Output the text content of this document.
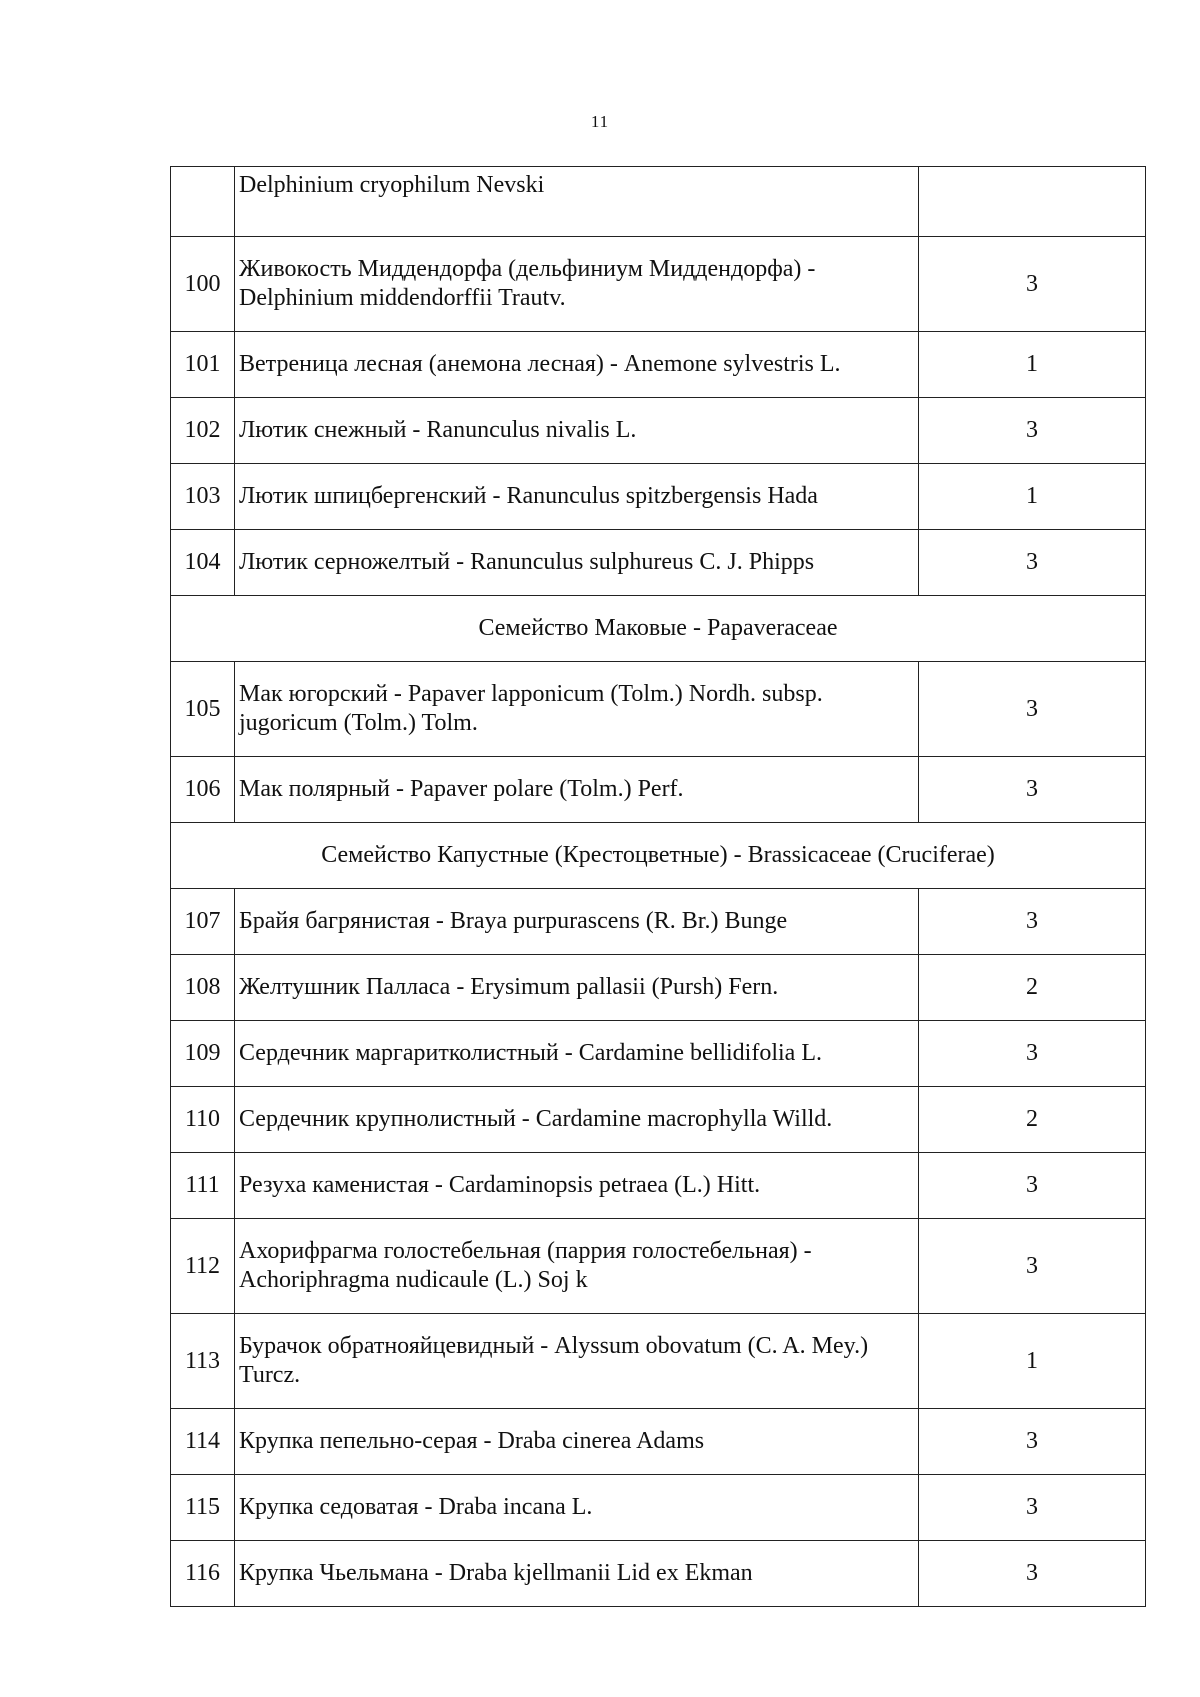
11
	Delphinium cryophilum Nevski	
100	Живокость Миддендорфа (дельфиниум Миддендорфа) - Delphinium middendorffii Trautv.	3
101	Ветреница лесная (анемона лесная) - Anemone sylvestris L.	1
102	Лютик снежный - Ranunculus nivalis L.	3
103	Лютик шпицбергенский - Ranunculus spitzbergensis Hada	1
104	Лютик серножелтый - Ranunculus sulphureus C. J. Phipps	3
Семейство Маковые - Papaveraceae		
105	Мак югорский - Papaver lapponicum (Tolm.) Nordh. subsp. jugoricum (Tolm.) Tolm.	3
106	Мак полярный - Papaver polare (Tolm.) Perf.	3
Семейство Капустные (Крестоцветные) - Brassicaceae (Cruciferae)		
107	Брайя багрянистая - Braya purpurascens (R. Br.) Bunge	3
108	Желтушник Палласа - Erysimum pallasii (Pursh) Fern.	2
109	Сердечник маргаритколистный - Cardamine bellidifolia L.	3
110	Сердечник крупнолистный - Cardamine macrophylla Willd.	2
111	Резуха каменистая - Cardaminopsis petraea (L.) Hitt.	3
112	Ахорифрагма голостебельная (паррия голостебельная) - Achoriphragma nudicaule (L.) Soj k	3
113	Бурачок обратнояйцевидный - Alyssum obovatum (C. A. Mey.) Turcz.	1
114	Крупка пепельно-серая - Draba cinerea Adams	3
115	Крупка седоватая - Draba incana L.	3
116	Крупка Чьельмана - Draba kjellmanii Lid ex Ekman	3
